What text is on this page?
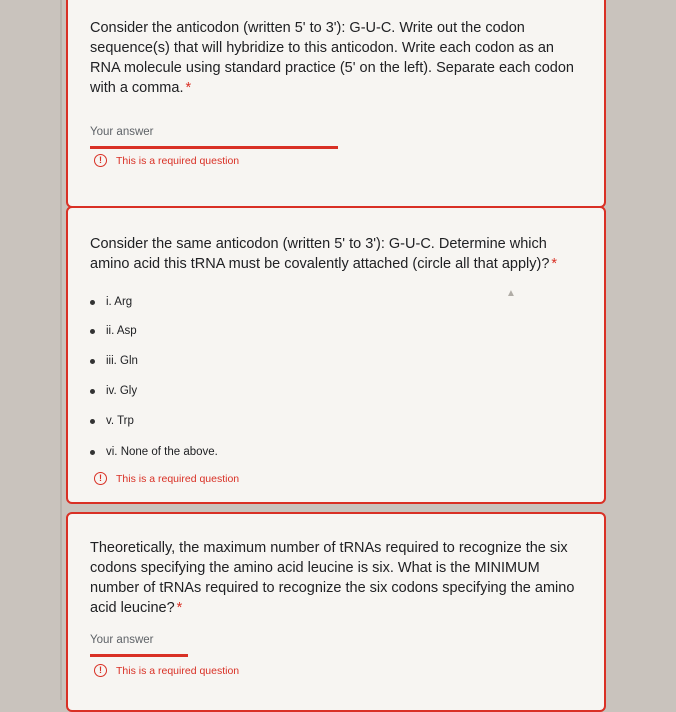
Consider the anticodon (written 5' to 3'): G-U-C. Write out the codon sequence(s) that will hybridize to this anticodon. Write each codon as an RNA molecule using standard practice (5' on the left). Separate each codon with a comma. *
Your answer
!	This is a required question
Consider the same anticodon (written 5' to 3'): G-U-C. Determine which amino acid this tRNA must be covalently attached (circle all that apply)? *
▲
i. Arg
ii. Asp
iii. Gln
iv. Gly
v. Trp
vi. None of the above.
!	This is a required question
Theoretically, the maximum number of tRNAs required to recognize the six codons specifying the amino acid leucine is six. What is the MINIMUM number of tRNAs required to recognize the six codons specifying the amino acid leucine? *
Your answer
!	This is a required question
